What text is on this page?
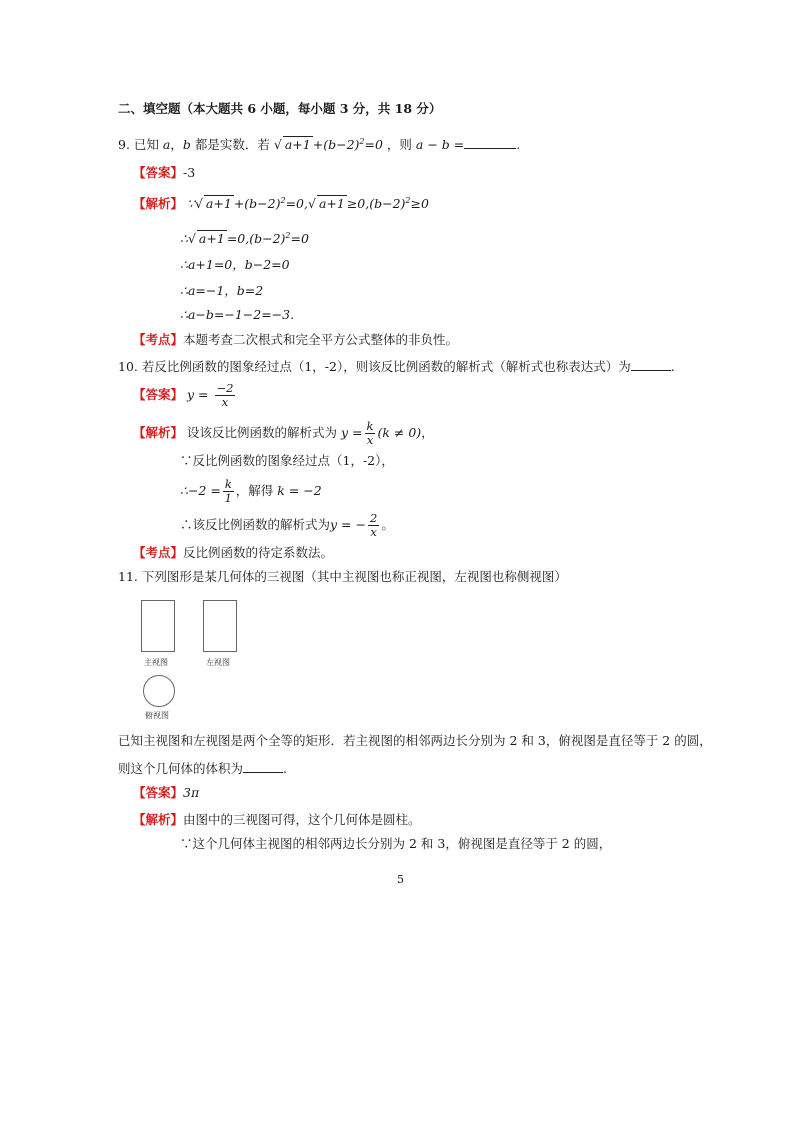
二、填空题（本大题共 6 小题，每小题 3 分，共 18 分）
9. 已知 a，b 都是实数．若 √ $a+1 +(b-2)^2=0$ ，则 a − b =	.
【答案】-3
【解析】 ∵√ $a+1 +(b-2)^2=0,√$ $a+1 \ge 0,(b-2)^2\ge 0$
∴√ $a+1 =0,(b-2)^2=0$
∴a+1=0，b−2=0
∴a=−1，b=2
∴a−b=−1−2=−3.
【考点】本题考查二次根式和完全平方公式整体的非负性。
10. 若反比例函数的图象经过点（1，-2），则该反比例函数的解析式（解析式也称表达式）为	.
【答案】 $y = \frac{-2}{x}$
【解析】 设该反比例函数的解析式为 $y = \frac{k}{x} (k \ne 0)$，
∵反比例函数的图象经过点（1，-2），
∴−2 = $\frac{k}{1}$ ，解得 k = −2
∴该反比例函数的解析式为y = − $\frac{2}{x}$ 。
【考点】反比例函数的待定系数法。
11. 下列图形是某几何体的三视图（其中主视图也称正视图，左视图也称侧视图）
主视图	左视图
俯视图
已知主视图和左视图是两个全等的矩形．若主视图的相邻两边长分别为 2 和 3，俯视图是直径等于 2 的圆，
则这个几何体的体积为	.
【答案】3π
【解析】由图中的三视图可得，这个几何体是圆柱。
∵这个几何体主视图的相邻两边长分别为 2 和 3，俯视图是直径等于 2 的圆，
5
